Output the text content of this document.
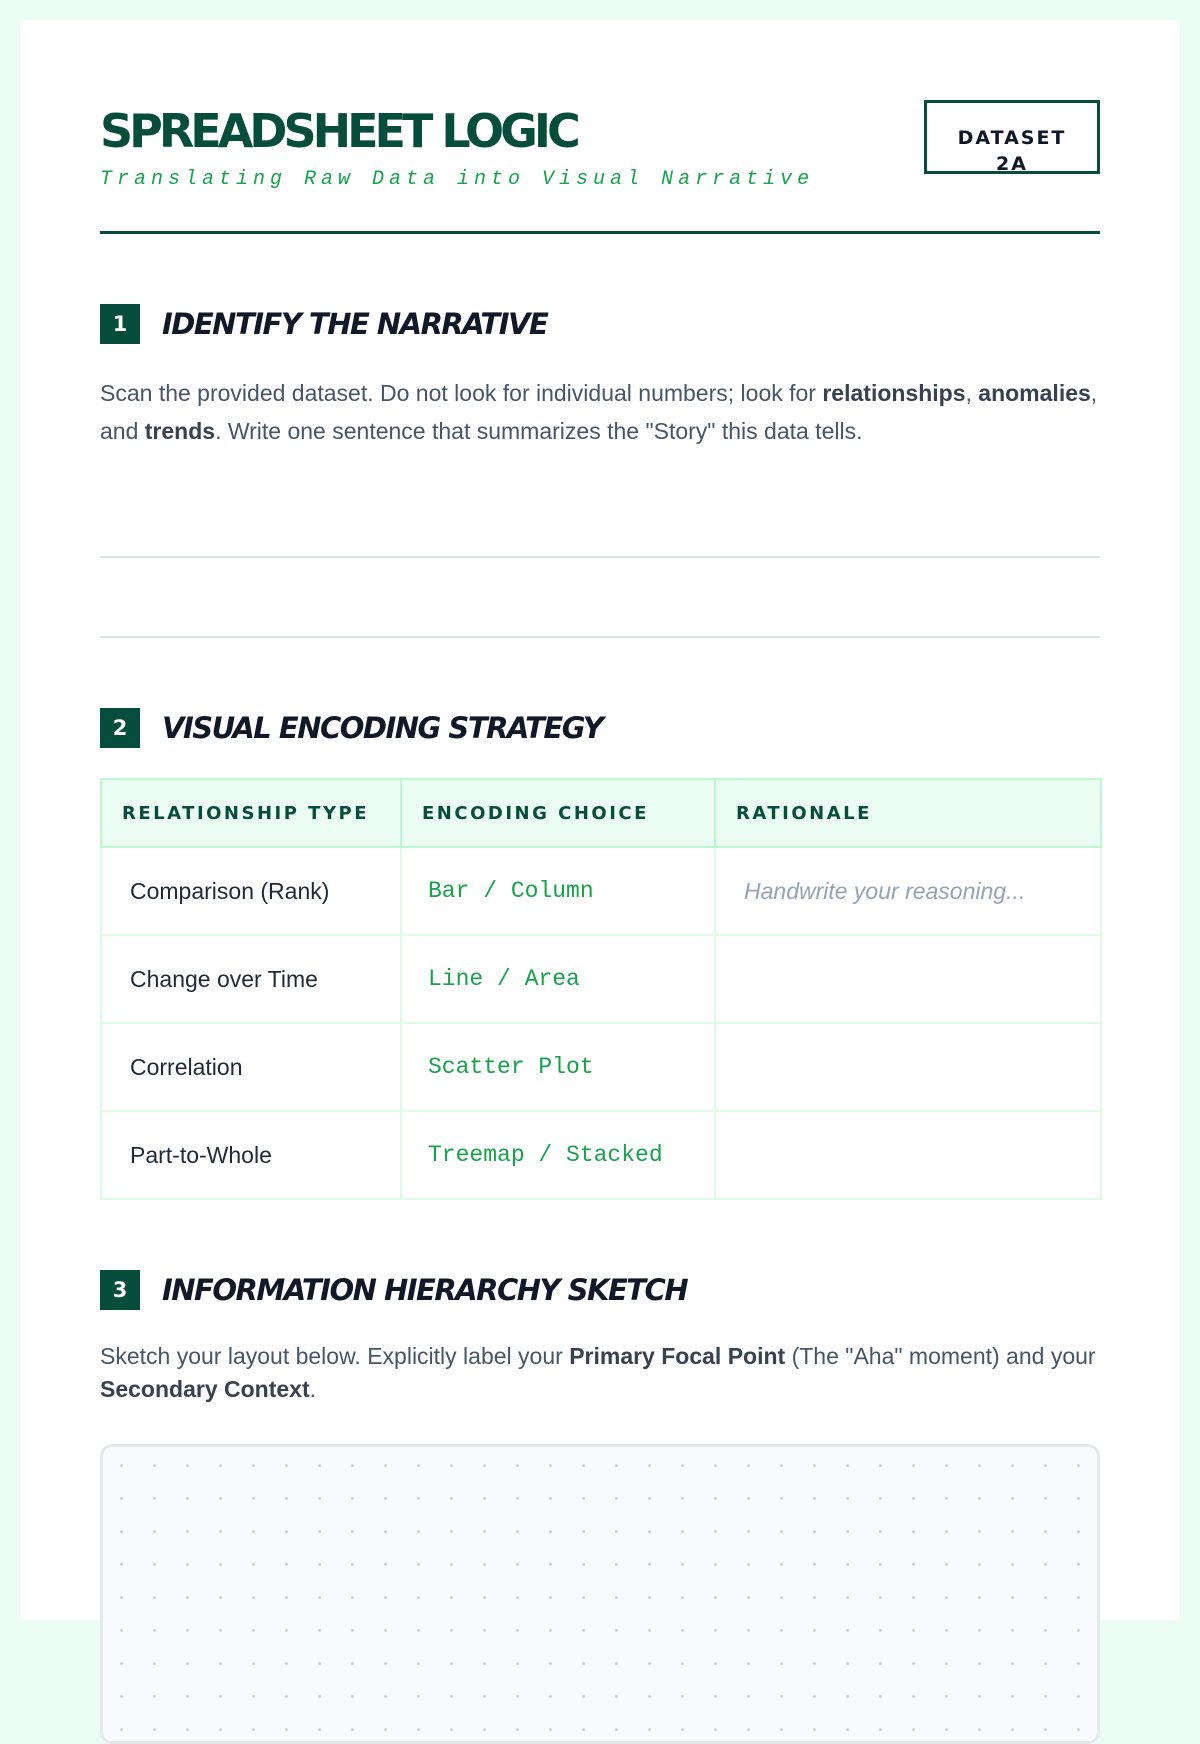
SPREADSHEET LOGIC
Translating Raw Data into Visual Narrative
DATASET 2A
1	IDENTIFY THE NARRATIVE

Scan the provided dataset. Do not look for individual numbers; look for relationships, anomalies, and trends. Write one sentence that summarizes the "Story" this data tells.

2	VISUAL ENCODING STRATEGY
RELATIONSHIP TYPE	ENCODING CHOICE	RATIONALE
Comparison (Rank)	Bar / Column	Handwrite your reasoning...
Change over Time	Line / Area	
Correlation	Scatter Plot	
Part-to-Whole	Treemap / Stacked	
3	INFORMATION HIERARCHY SKETCH

Sketch your layout below. Explicitly label your Primary Focal Point (The "Aha" moment) and your Secondary Context.
